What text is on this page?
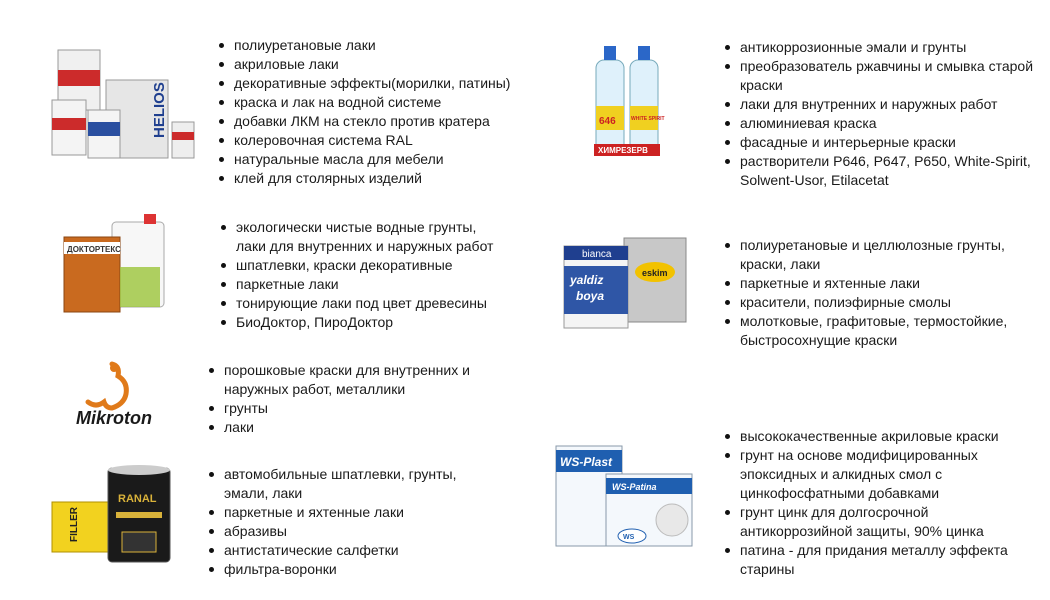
HELIOS
полиуретановые лаки
акриловые лаки
декоративные эффекты(морилки, патины)
краска и лак на водной системе
добавки ЛКМ на стекло против кратера
колеровочная система RAL
натуральные масла для мебели
клей для столярных изделий
ДОКТОРТЕКС
экологически чистые водные грунты,
лаки для внутренних и наружных работ
шпатлевки, краски декоративные
паркетные лаки
тонирующие лаки под цвет древесины
БиоДоктор, ПироДоктор
Mikroton
порошковые краски для внутренних и
наружных работ, металлики
грунты
лаки
FILLER
RANAL
автомобильные шпатлевки, грунты,
эмали, лаки
паркетные и яхтенные лаки
абразивы
антистатические салфетки
фильтра-воронки
646	WHITE SPIRIT
ХИМРЕЗЕРВ
антикоррозионные эмали и грунты
преобразователь ржавчины и смывка старой
краски
лаки для внутренних и наружных работ
алюминиевая краска
фасадные и интерьерные краски
растворители Р646, Р647, Р650, White-Spirit,
Solwent-Usor, Etilacetat
eskim
bianca
yaldiz
boya
полиуретановые и целлюлозные грунты,
краски, лаки
паркетные и яхтенные лаки
красители, полиэфирные смолы
молотковые, графитовые, термостойкие,
быстросохнущие краски
WS-Plast
WS-Patina
WS
высококачественные акриловые краски
грунт на основе модифицированных
эпоксидных и алкидных смол с
цинкофосфатными добавками
грунт цинк для долгосрочной
антикоррозийной защиты, 90% цинка
патина - для придания металлу эффекта
старины
